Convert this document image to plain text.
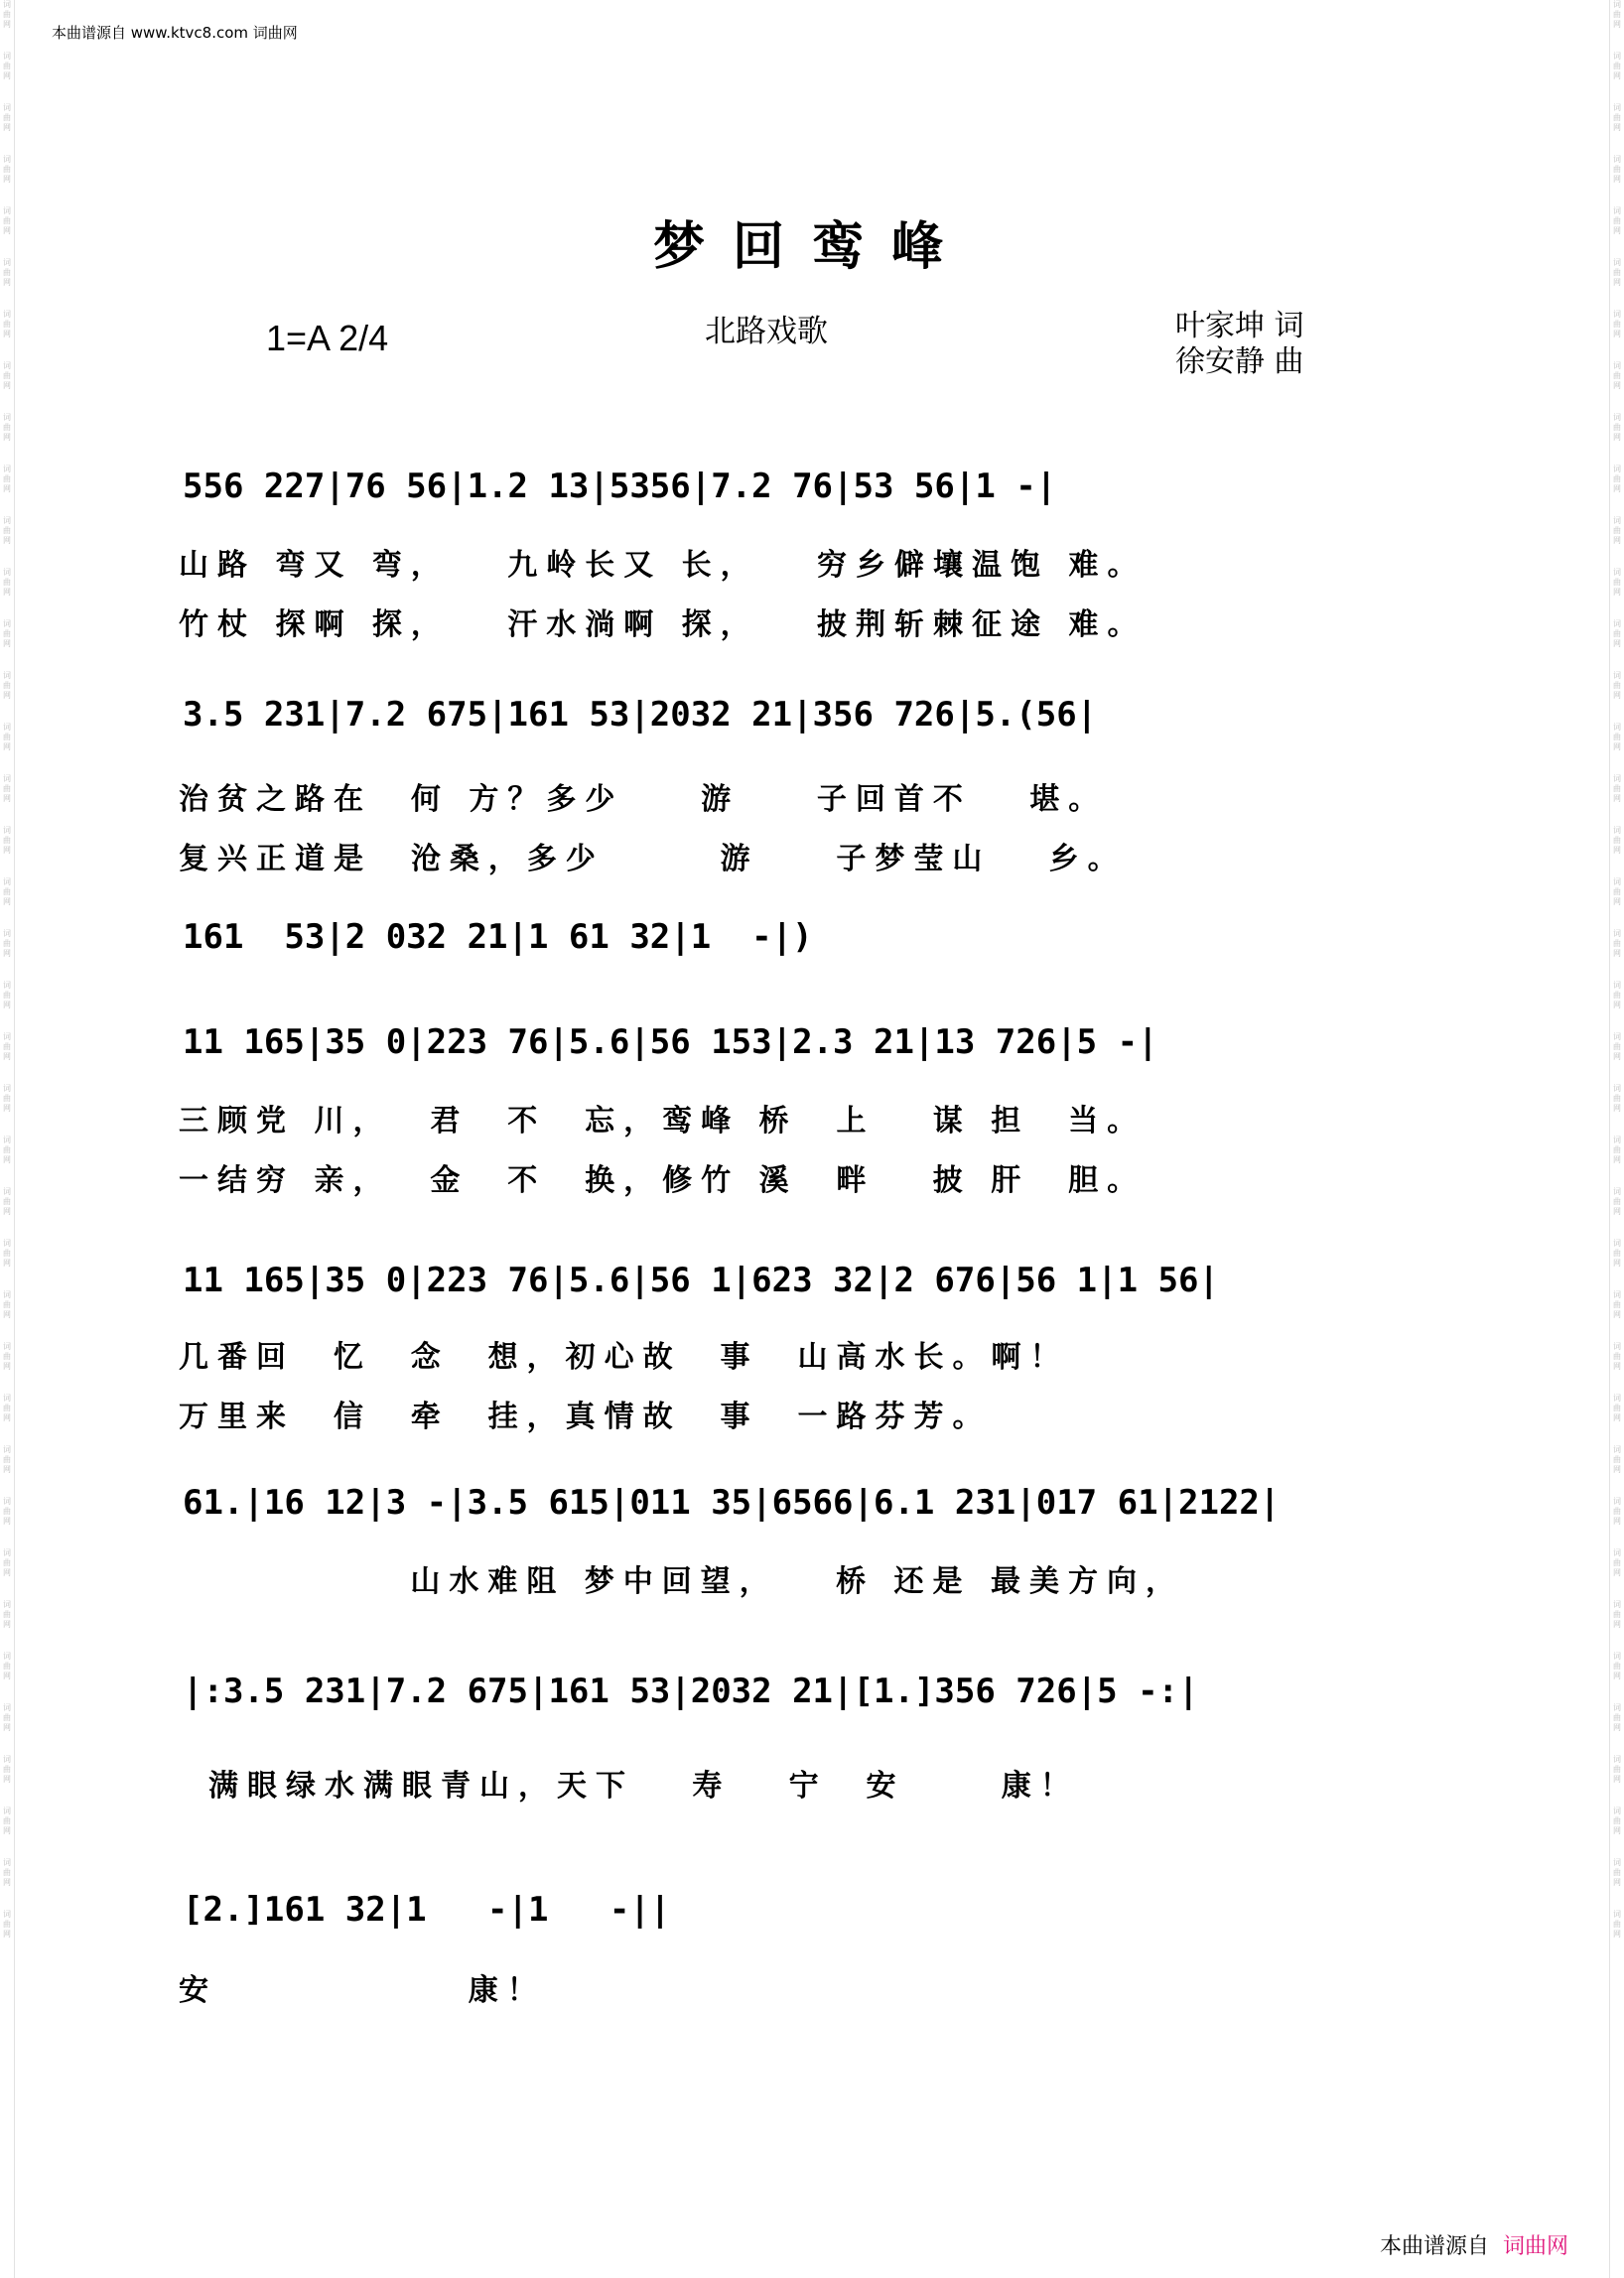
词曲网
词曲网
词曲网
词曲网
词曲网
词曲网
词曲网
词曲网
词曲网
词曲网
词曲网
词曲网
词曲网
词曲网
词曲网
词曲网
词曲网
词曲网
词曲网
词曲网
词曲网
词曲网
词曲网
词曲网
词曲网
词曲网
词曲网
词曲网
词曲网
词曲网
词曲网
词曲网
词曲网
词曲网
词曲网
词曲网
词曲网
词曲网
词曲网
词曲网
词曲网
词曲网
词曲网
词曲网
词曲网
词曲网
词曲网
词曲网
词曲网
词曲网
词曲网
词曲网
词曲网
词曲网
词曲网
词曲网
词曲网
词曲网
词曲网
词曲网
词曲网
词曲网
词曲网
词曲网
词曲网
词曲网
词曲网
词曲网
词曲网
词曲网
词曲网
词曲网
词曲网
词曲网
词曲网
词曲网
本曲谱源自 www.ktvc8.com 词曲网
梦回鸾峰
1=A 2/4	北路戏歌	叶家坤 词
徐安静 曲
556 227|76 56|1.2 13|5356|7.2 76|53 56|1 -|
山路 弯又 弯，   九岭长又 长，   穷乡僻壤温饱 难。
竹杖 探啊 探，   汗水淌啊 探，   披荆斩棘征途 难。
3.5 231|7.2 675|161 53|2032 21|356 726|5.(56|
治贫之路在  何 方？多少    游    子回首不   堪。
复兴正道是  沧桑，多少      游    子梦莹山   乡。
161  53|2 032 21|1 61 32|1  -|)
11 165|35 0|223 76|5.6|56 153|2.3 21|13 726|5 -|
三顾党 川，  君  不  忘，鸾峰 桥  上   谋 担  当。
一结穷 亲，  金  不  换，修竹 溪  畔   披 肝  胆。
11 165|35 0|223 76|5.6|56 1|623 32|2 676|56 1|1 56|
几番回  忆  念  想，初心故  事  山高水长。啊！
万里来  信  牵  挂，真情故  事  一路芬芳。
61.|16 12|3 -|3.5 615|011 35|6566|6.1 231|017 61|2122|
山水难阻 梦中回望，   桥 还是 最美方向，
|:3.5 231|7.2 675|161 53|2032 21|[1.]356 726|5 -:|
满眼绿水满眼青山，天下   寿   宁  安     康！
[2.]161 32|1   -|1   -||
安             康！
本曲谱源自 词曲网
